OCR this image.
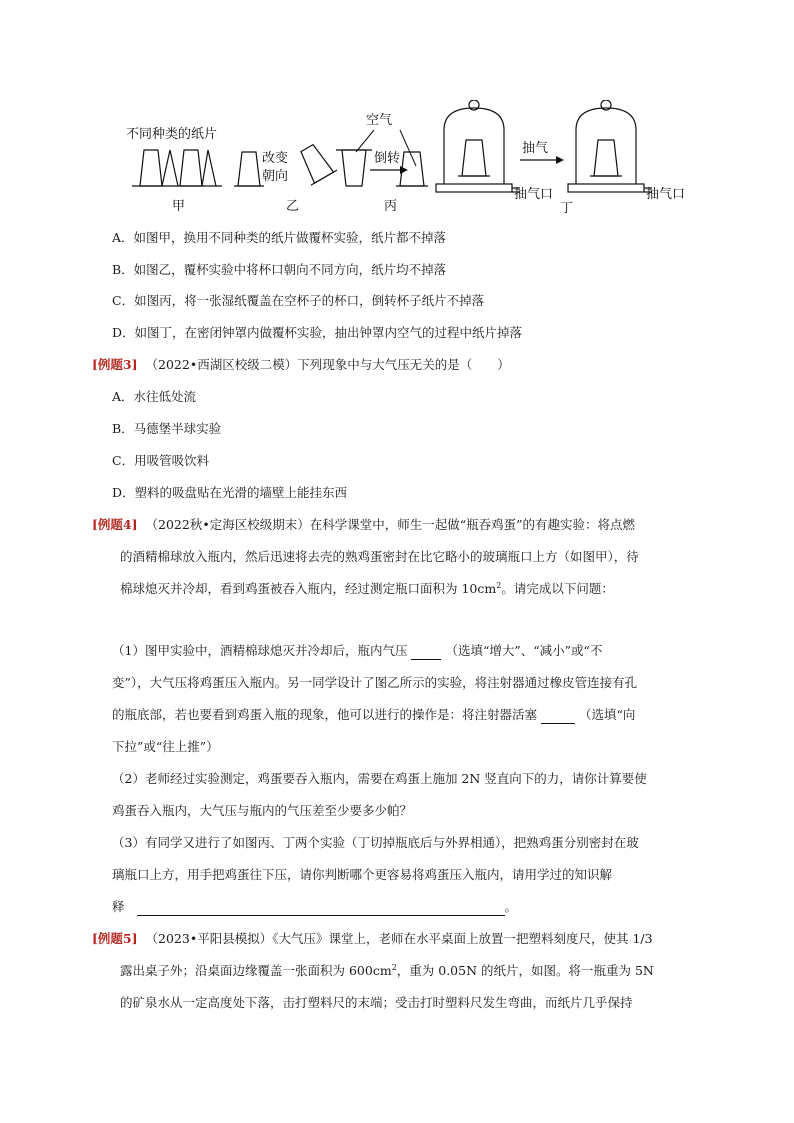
不同种类的纸片
甲
改变
朝向
乙
空气
倒转
丙
抽气口
抽气
抽气口
丁
A．如图甲，换用不同种类的纸片做覆杯实验，纸片都不掉落
B．如图乙，覆杯实验中将杯口朝向不同方向，纸片均不掉落
C．如图丙，将一张湿纸覆盖在空杯子的杯口，倒转杯子纸片不掉落
D．如图丁，在密闭钟罩内做覆杯实验，抽出钟罩内空气的过程中纸片掉落
[例题3] （2022•西湖区校级二模）下列现象中与大气压无关的是（　　）
A．水往低处流
B．马德堡半球实验
C．用吸管吸饮料
D．塑料的吸盘贴在光滑的墙壁上能挂东西
[例题4] （2022秋•定海区校级期末）在科学课堂中，师生一起做“瓶吞鸡蛋”的有趣实验：将点燃
的酒精棉球放入瓶内，然后迅速将去壳的熟鸡蛋密封在比它略小的玻璃瓶口上方（如图甲），待
棉球熄灭并冷却，看到鸡蛋被吞入瓶内，经过测定瓶口面积为 $10cm^2$。请完成以下问题：
（1）图甲实验中，酒精棉球熄灭并冷却后，瓶内气压	（选填“增大”、“减小”或“不
变”），大气压将鸡蛋压入瓶内。另一同学设计了图乙所示的实验，将注射器通过橡皮管连接有孔
的瓶底部，若也要看到鸡蛋入瓶的现象，他可以进行的操作是：将注射器活塞	（选填“向
下拉”或“往上推”）
（2）老师经过实验测定，鸡蛋要吞入瓶内，需要在鸡蛋上施加 2N 竖直向下的力，请你计算要使
鸡蛋吞入瓶内，大气压与瓶内的气压差至少要多少帕？
（3）有同学又进行了如图丙、丁两个实验（丁切掉瓶底后与外界相通），把熟鸡蛋分别密封在玻
璃瓶口上方，用手把鸡蛋往下压，请你判断哪个更容易将鸡蛋压入瓶内，请用学过的知识解
释	。
[例题5] （2023•平阳县模拟）《大气压》课堂上，老师在水平桌面上放置一把塑料刻度尺，使其 1/3
露出桌子外；沿桌面边缘覆盖一张面积为 $600cm^2$，重为 0.05N 的纸片，如图。将一瓶重为 5N
的矿泉水从一定高度处下落，击打塑料尺的末端；受击打时塑料尺发生弯曲，而纸片几乎保持
